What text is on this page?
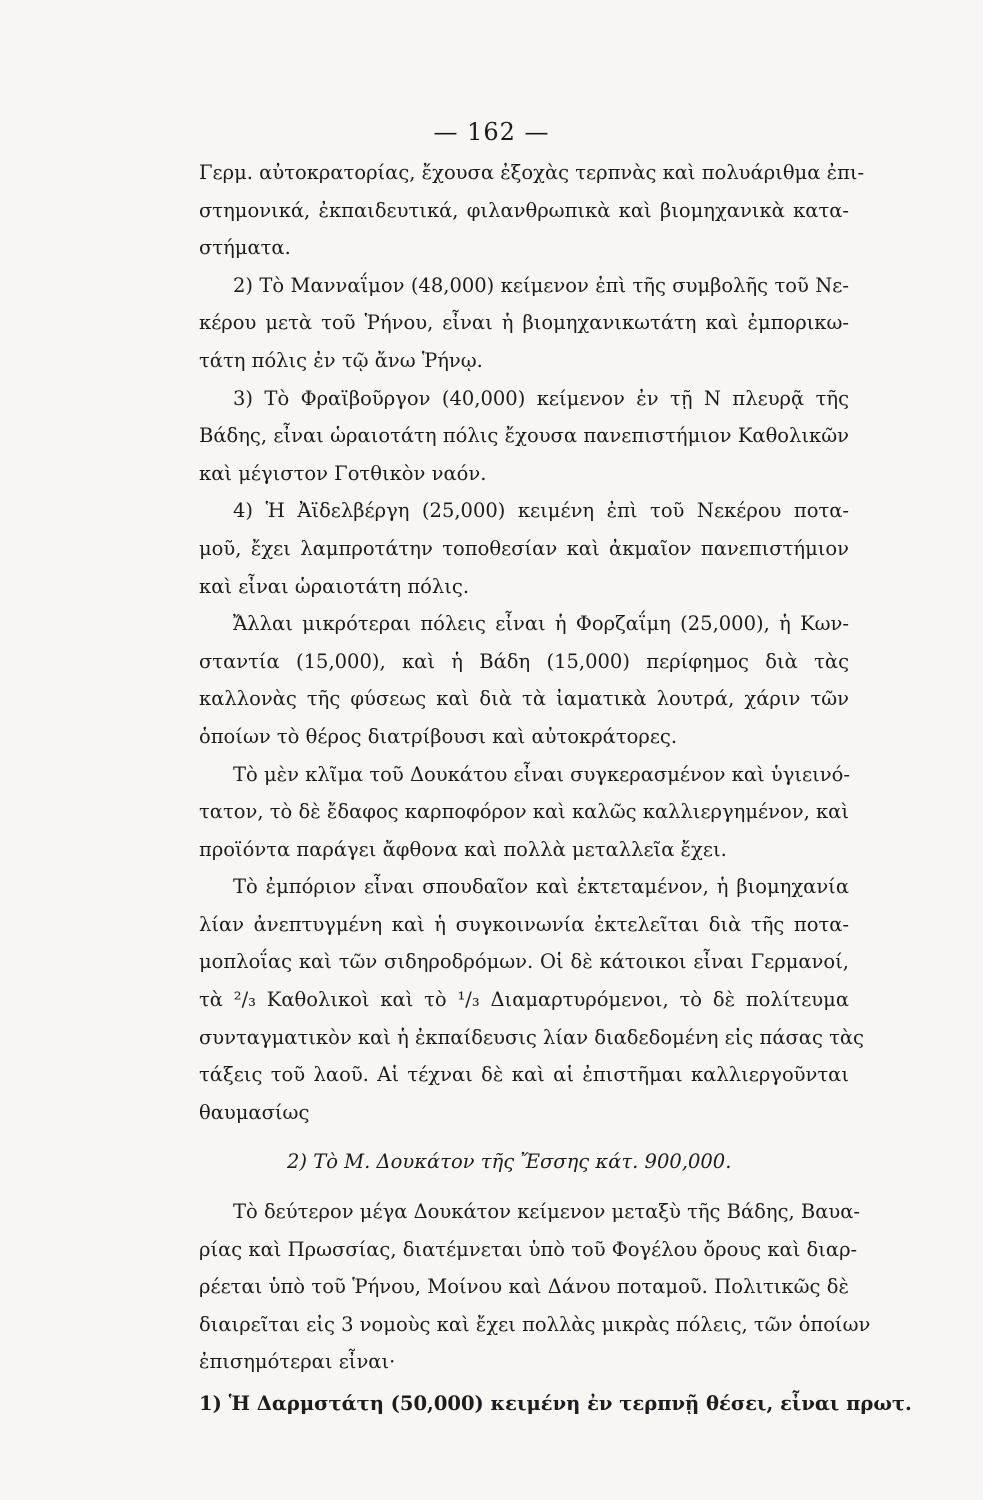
— 162 —
Γερμ. αὐτοκρατορίας, ἔχουσα ἐξοχὰς τερπνὰς καὶ πολυάριθμα ἐπι-
στημονικά, ἐκπαιδευτικά, φιλανθρωπικὰ καὶ βιομηχανικὰ κατα-
στήματα.
2) Τὸ Μανναΐμον (48,000) κείμενον ἐπὶ τῆς συμβολῆς τοῦ Νε-
κέρου μετὰ τοῦ Ῥήνου, εἶναι ἡ βιομηχανικωτάτη καὶ ἐμπορικω-
τάτη πόλις ἐν τῷ ἄνω Ῥήνῳ.
3) Τὸ Φραϊβοῦργον (40,000) κείμενον ἐν τῇ Ν πλευρᾷ τῆς
Βάδης, εἶναι ὡραιοτάτη πόλις ἔχουσα πανεπιστήμιον Καθολικῶν
καὶ μέγιστον Γοτθικὸν ναόν.
4) Ἡ Ἀϊδελβέργη (25,000) κειμένη ἐπὶ τοῦ Νεκέρου ποτα-
μοῦ, ἔχει λαμπροτάτην τοποθεσίαν καὶ ἀκμαῖον πανεπιστήμιον
καὶ εἶναι ὡραιοτάτη πόλις.
Ἄλλαι μικρότεραι πόλεις εἶναι ἡ Φορζαΐμη (25,000), ἡ Κων-
σταντία (15,000), καὶ ἡ Βάδη (15,000) περίφημος διὰ τὰς
καλλονὰς τῆς φύσεως καὶ διὰ τὰ ἰαματικὰ λουτρά, χάριν τῶν
ὁποίων τὸ θέρος διατρίβουσι καὶ αὐτοκράτορες.
Τὸ μὲν κλῖμα τοῦ Δουκάτου εἶναι συγκερασμένον καὶ ὑγιεινό-
τατον, τὸ δὲ ἔδαφος καρποφόρον καὶ καλῶς καλλιεργημένον, καὶ
προϊόντα παράγει ἄφθονα καὶ πολλὰ μεταλλεῖα ἔχει.
Τὸ ἐμπόριον εἶναι σπουδαῖον καὶ ἐκτεταμένον, ἡ βιομηχανία
λίαν ἀνεπτυγμένη καὶ ἡ συγκοινωνία ἐκτελεῖται διὰ τῆς ποτα-
μοπλοΐας καὶ τῶν σιδηροδρόμων. Οἱ δὲ κάτοικοι εἶναι Γερμανοί,
τὰ ²/₃ Καθολικοὶ καὶ τὸ ¹/₃ Διαμαρτυρόμενοι, τὸ δὲ πολίτευμα
συνταγματικὸν καὶ ἡ ἐκπαίδευσις λίαν διαδεδομένη εἰς πάσας τὰς
τάξεις τοῦ λαοῦ. Αἱ τέχναι δὲ καὶ αἱ ἐπιστῆμαι καλλιεργοῦνται
θαυμασίως
2) Τὸ Μ. Δουκάτον τῆς Ἔσσης κάτ. 900,000.
Τὸ δεύτερον μέγα Δουκάτον κείμενον μεταξὺ τῆς Βάδης, Βαυα-
ρίας καὶ Πρωσσίας, διατέμνεται ὑπὸ τοῦ Φογέλου ὄρους καὶ διαρ-
ρέεται ὑπὸ τοῦ Ῥήνου, Μοίνου καὶ Δάνου ποταμοῦ. Πολιτικῶς δὲ
διαιρεῖται εἰς 3 νομοὺς καὶ ἔχει πολλὰς μικρὰς πόλεις, τῶν ὁποίων
ἐπισημότεραι εἶναι·
1) Ἡ Δαρμστάτη (50,000) κειμένη ἐν τερπνῇ θέσει, εἶναι πρωτ.
